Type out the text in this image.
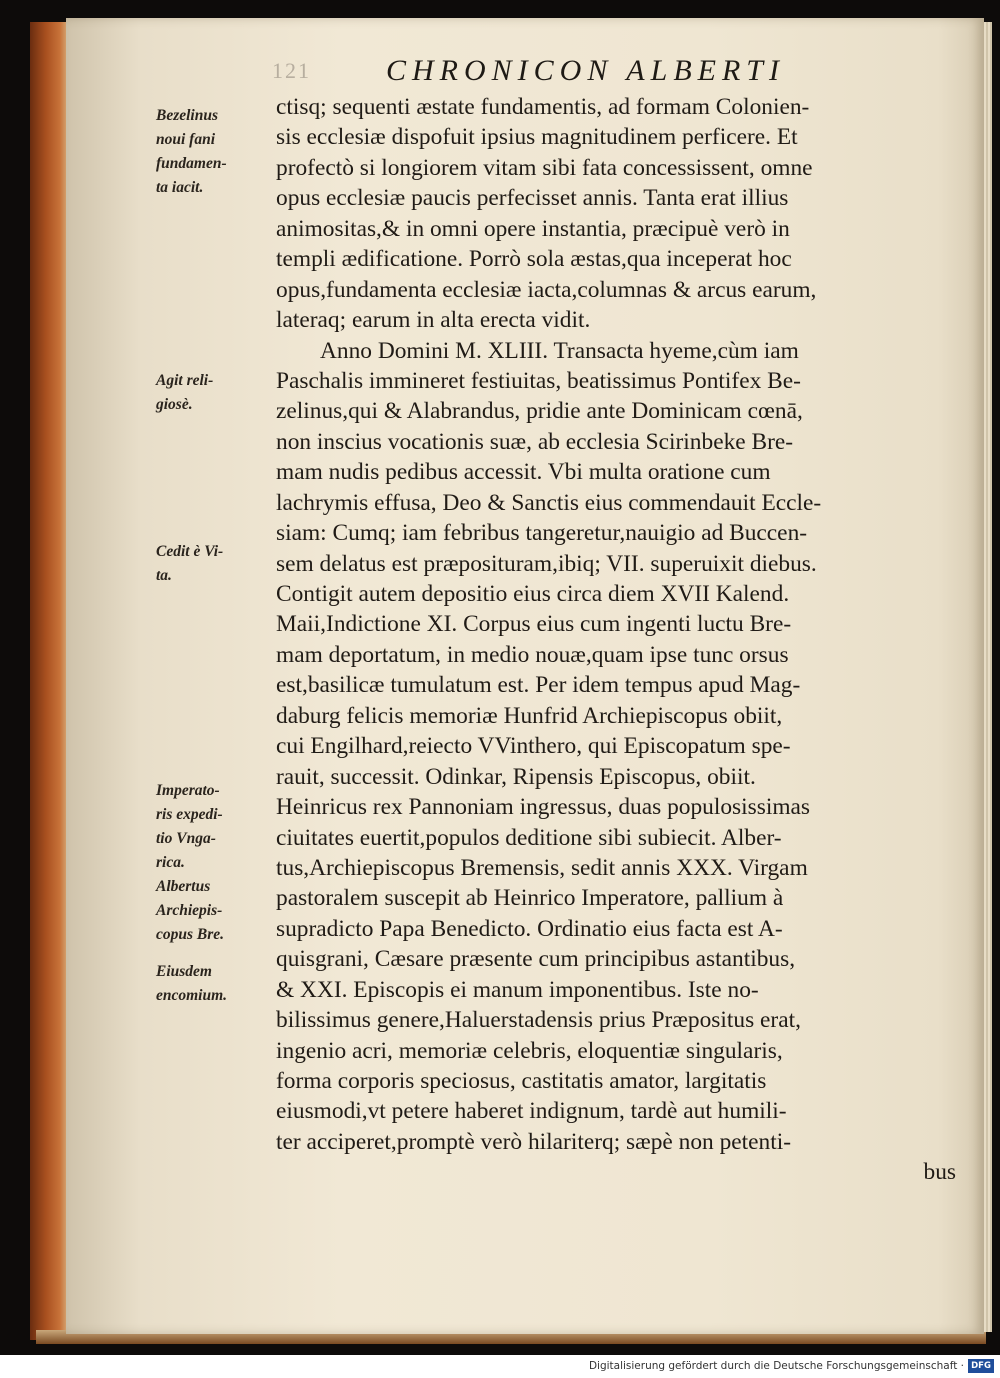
121	CHRONICON ALBERTI
ctisq; sequenti æstate fundamentis, ad formam Colonien-
sis ecclesiæ dispofuit ipsius magnitudinem perficere. Et
profectò si longiorem vitam sibi fata concessissent, omne
opus ecclesiæ paucis perfecisset annis. Tanta erat illius
animositas,& in omni opere instantia, præcipuè verò in
templi ædificatione. Porrò sola æstas,qua inceperat hoc
opus,fundamenta ecclesiæ iacta,columnas & arcus earum,
lateraq; earum in alta erecta vidit.
Anno Domini M. XLIII. Transacta hyeme,cùm iam
Paschalis immineret festiuitas, beatissimus Pontifex Be-
zelinus,qui & Alabrandus, pridie ante Dominicam cœnā,
non inscius vocationis suæ, ab ecclesia Scirinbeke Bre-
mam nudis pedibus accessit. Vbi multa oratione cum
lachrymis effusa, Deo & Sanctis eius commendauit Eccle-
siam: Cumq; iam febribus tangeretur,nauigio ad Buccen-
sem delatus est præposituram,ibiq; VII. superuixit diebus.
Contigit autem depositio eius circa diem XVII Kalend.
Maii,Indictione XI. Corpus eius cum ingenti luctu Bre-
mam deportatum, in medio nouæ,quam ipse tunc orsus
est,basilicæ tumulatum est. Per idem tempus apud Mag-
daburg felicis memoriæ Hunfrid Archiepiscopus obiit,
cui Engilhard,reiecto VVinthero, qui Episcopatum spe-
rauit, successit. Odinkar, Ripensis Episcopus, obiit.
Heinricus rex Pannoniam ingressus, duas populosissimas
ciuitates euertit,populos deditione sibi subiecit. Alber-
tus,Archiepiscopus Bremensis, sedit annis XXX. Virgam
pastoralem suscepit ab Heinrico Imperatore, pallium à
supradicto Papa Benedicto. Ordinatio eius facta est A-
quisgrani, Cæsare præsente cum principibus astantibus,
& XXI. Episcopis ei manum imponentibus. Iste no-
bilissimus genere,Haluerstadensis prius Præpositus erat,
ingenio acri, memoriæ celebris, eloquentiæ singularis,
forma corporis speciosus, castitatis amator, largitatis
eiusmodi,vt petere haberet indignum, tardè aut humili-
ter acciperet,promptè verò hilariterq; sæpè non petenti-
bus
Bezelinus
noui fani
fundamen-
ta iacit.
Agit reli-
giosè.
Cedit è Vi-
ta.
Imperato-
ris expedi-
tio Vnga-
rica.
Albertus
Archiepis-
copus Bre.
Eiusdem
encomium.
Digitalisierung gefördert durch die Deutsche Forschungsgemeinschaft · DFG
